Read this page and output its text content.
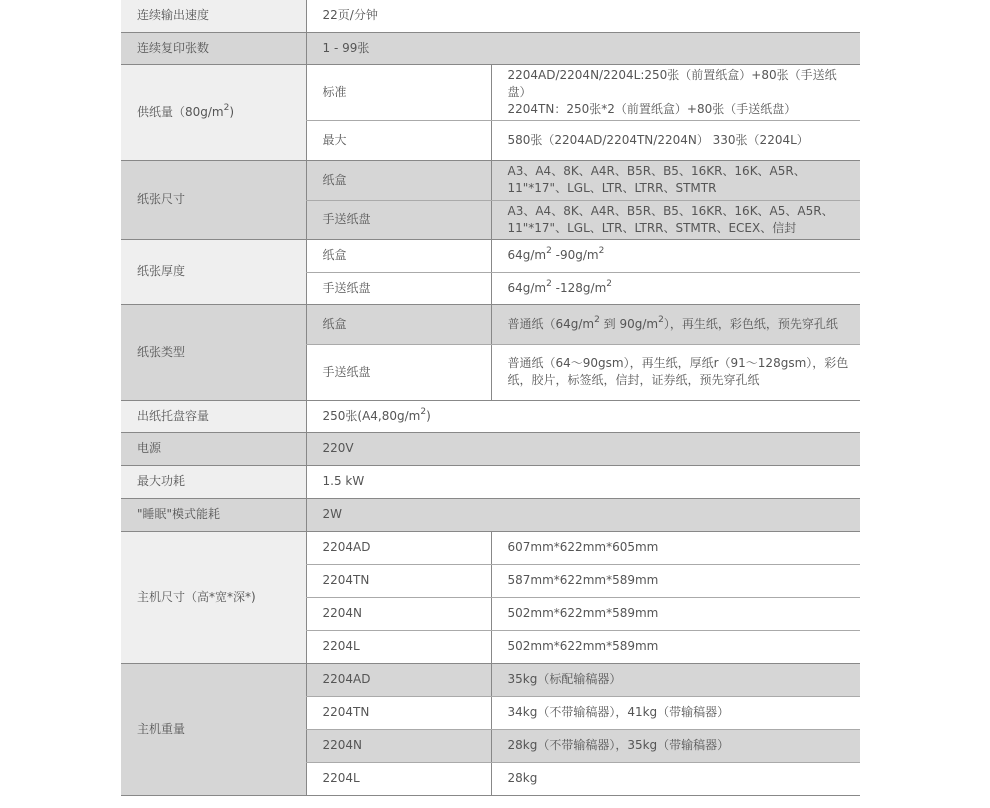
连续输出速度	22页/分钟	
连续复印张数	1 - 99张	
供纸量$(80g/m^2)$	标准	2204AD/2204N/2204L:250张（前置纸盒）+80张（手送纸盘）
2204TN：250张*2（前置纸盒）+80张（手送纸盘）

	最大	580张（2204AD/2204TN/2204N） 330张（2204L）
纸张尺寸	纸盒	A3、A4、8K、A4R、B5R、B5、16KR、16K、A5R、11"*17"、LGL、LTR、LTRR、STMTR
	手送纸盘	A3、A4、8K、A4R、B5R、B5、16KR、16K、A5、A5R、11"*17"、LGL、LTR、LTRR、STMTR、ECEX、信封
纸张厚度	纸盒	$64g/m^2$ $-90g/m^2$
	手送纸盘	$64g/m^2$ $-128g/m^2$
纸张类型	纸盒	普通纸（$64g/m^2$ 到 $90g/m^2$），再生纸，彩色纸，预先穿孔纸
	手送纸盘	普通纸（64～90gsm），再生纸，厚纸r（91～128gsm），彩色纸，胶片，标签纸，信封，证券纸，预先穿孔纸
出纸托盘容量	250张$(A4,80g/m^2)$	
电源	220V	
最大功耗	1.5 kW	
"睡眠"模式能耗	2W	
主机尺寸（高*宽*深*)	2204AD	607mm*622mm*605mm
	2204TN	587mm*622mm*589mm
	2204N	502mm*622mm*589mm
	2204L	502mm*622mm*589mm
主机重量	2204AD	35kg（标配输稿器）
	2204TN	34kg（不带输稿器），41kg（带输稿器）
	2204N	28kg（不带输稿器），35kg（带输稿器）
	2204L	28kg
